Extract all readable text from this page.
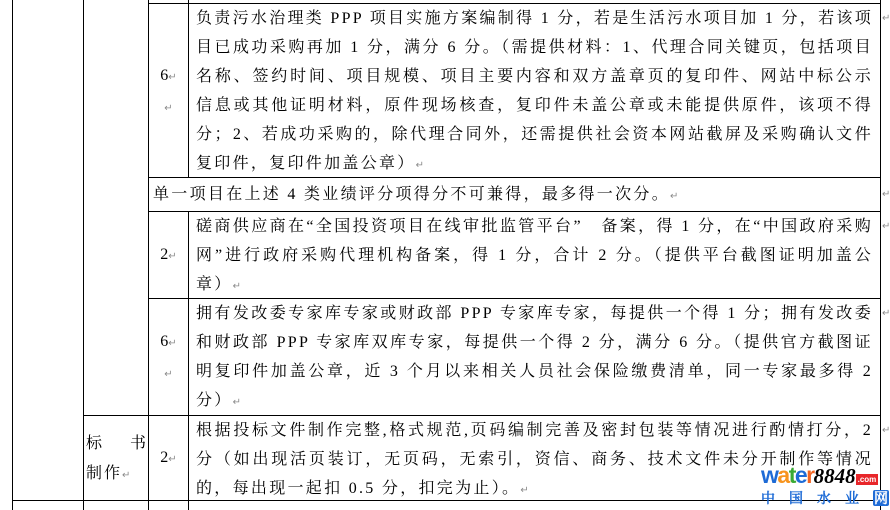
6↵
↵
负责污水治理类 PPP 项目实施方案编制得 1 分，若是生活污水项目加 1 分，若该项目已成功采购再加 1 分，满分 6 分。（需提供材料：1、代理合同关键页，包括项目名称、签约时间、项目规模、项目主要内容和双方盖章页的复印件、网站中标公示信息或其他证明材料，原件现场核查，复印件未盖公章或未能提供原件，该项不得分；2、若成功采购的，除代理合同外，还需提供社会资本网站截屏及采购确认文件复印件，复印件加盖公章）↵
单一项目在上述 4 类业绩评分项得分不可兼得，最多得一次分。↵
2↵
磋商供应商在“全国投资项目在线审批监管平台”　备案，得 1 分，在“中国政府采购网”进行政府采购代理机构备案，得 1 分，合计 2 分。（提供平台截图证明加盖公章）↵
6↵
↵
拥有发改委专家库专家或财政部 PPP 专家库专家，每提供一个得 1 分；拥有发改委和财政部 PPP 专家库双库专家，每提供一个得 2 分，满分 6 分。（提供官方截图证明复印件加盖公章，近 3 个月以来相关人员社会保险缴费清单，同一专家最多得 2 分）↵
标 书
制作↵
2↵
根据投标文件制作完整,格式规范,页码编制完善及密封包装等情况进行酌情打分，2 分（如出现活页装订，无页码，无索引，资信、商务、技术文件未分开制作等情况的，每出现一起扣 0.5 分，扣完为止）。↵
↵
↵
↵
↵
↵
water8848 .com
中 国 水 业 网
